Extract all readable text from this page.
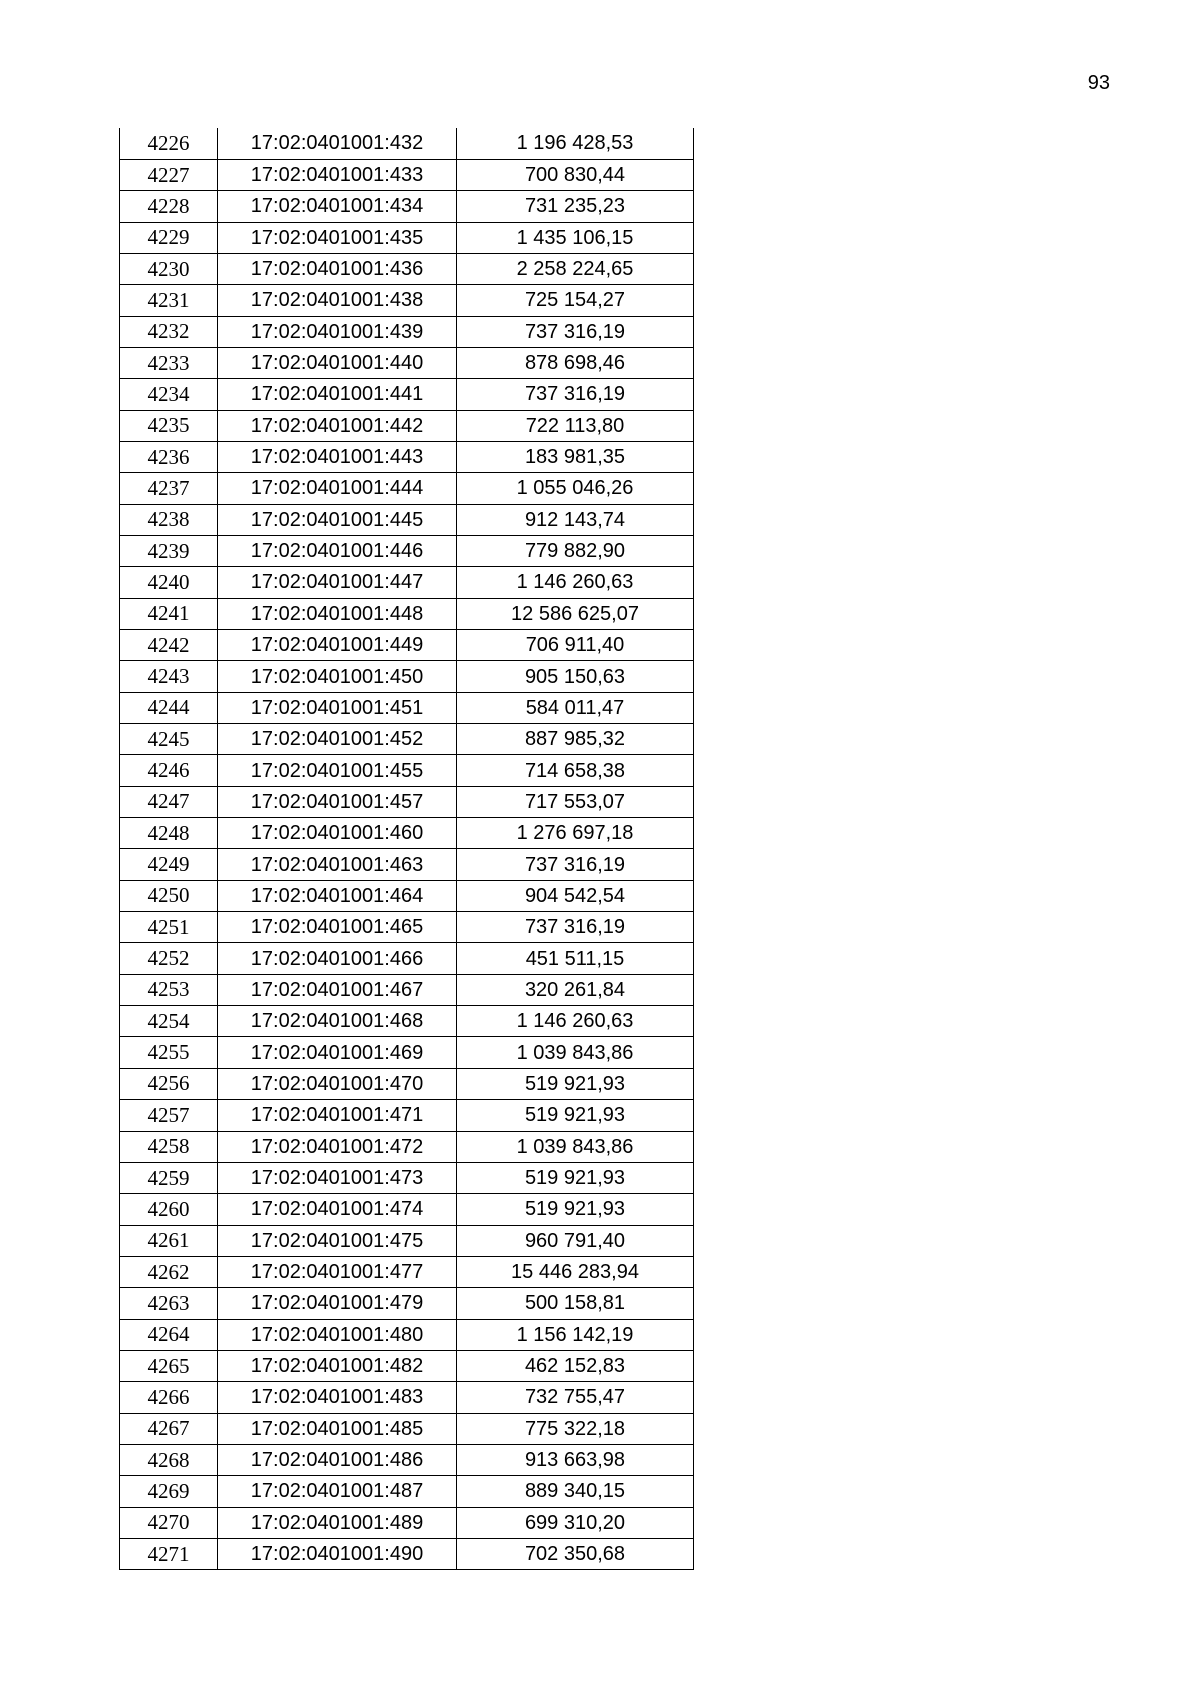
93
4226	17:02:0401001:432	1 196 428,53
4227	17:02:0401001:433	700 830,44
4228	17:02:0401001:434	731 235,23
4229	17:02:0401001:435	1 435 106,15
4230	17:02:0401001:436	2 258 224,65
4231	17:02:0401001:438	725 154,27
4232	17:02:0401001:439	737 316,19
4233	17:02:0401001:440	878 698,46
4234	17:02:0401001:441	737 316,19
4235	17:02:0401001:442	722 113,80
4236	17:02:0401001:443	183 981,35
4237	17:02:0401001:444	1 055 046,26
4238	17:02:0401001:445	912 143,74
4239	17:02:0401001:446	779 882,90
4240	17:02:0401001:447	1 146 260,63
4241	17:02:0401001:448	12 586 625,07
4242	17:02:0401001:449	706 911,40
4243	17:02:0401001:450	905 150,63
4244	17:02:0401001:451	584 011,47
4245	17:02:0401001:452	887 985,32
4246	17:02:0401001:455	714 658,38
4247	17:02:0401001:457	717 553,07
4248	17:02:0401001:460	1 276 697,18
4249	17:02:0401001:463	737 316,19
4250	17:02:0401001:464	904 542,54
4251	17:02:0401001:465	737 316,19
4252	17:02:0401001:466	451 511,15
4253	17:02:0401001:467	320 261,84
4254	17:02:0401001:468	1 146 260,63
4255	17:02:0401001:469	1 039 843,86
4256	17:02:0401001:470	519 921,93
4257	17:02:0401001:471	519 921,93
4258	17:02:0401001:472	1 039 843,86
4259	17:02:0401001:473	519 921,93
4260	17:02:0401001:474	519 921,93
4261	17:02:0401001:475	960 791,40
4262	17:02:0401001:477	15 446 283,94
4263	17:02:0401001:479	500 158,81
4264	17:02:0401001:480	1 156 142,19
4265	17:02:0401001:482	462 152,83
4266	17:02:0401001:483	732 755,47
4267	17:02:0401001:485	775 322,18
4268	17:02:0401001:486	913 663,98
4269	17:02:0401001:487	889 340,15
4270	17:02:0401001:489	699 310,20
4271	17:02:0401001:490	702 350,68
